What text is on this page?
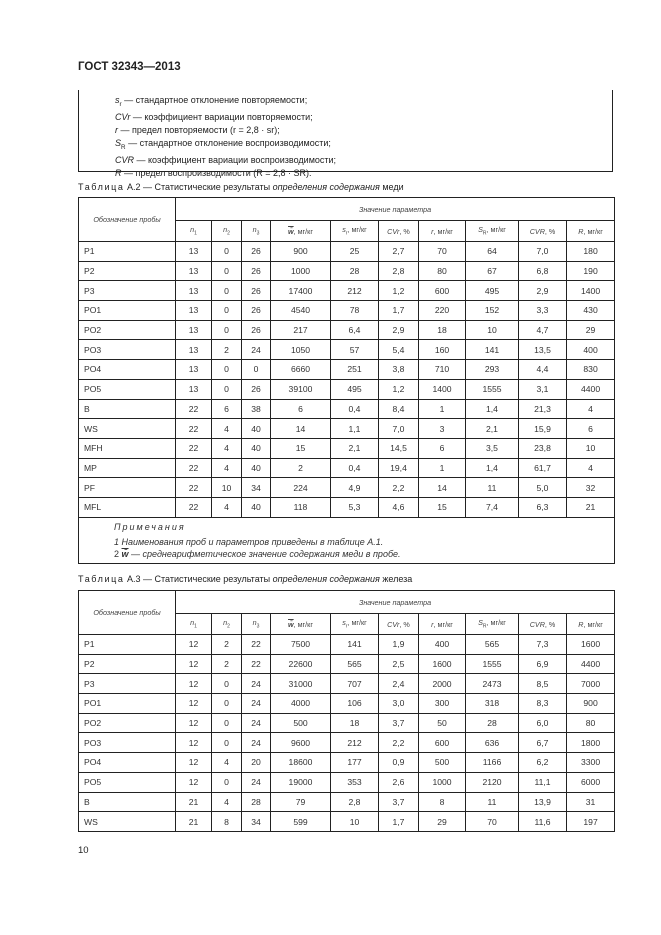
ГОСТ 32343—2013
$s_r$ — стандартное отклонение повторяемости;
CVr — коэффициент вариации повторяемости;
r — предел повторяемости (r = 2,8 · sr);
$S_R$ — стандартное отклонение воспроизводимости;
CVR — коэффициент вариации воспроизводимости;
R — предел воспроизводимости (R = 2,8 · SR).
Таблица А.2 — Статистические результаты определения содержания меди
Обозначение пробы	Значение параметра									
	$n_1$	$n_2$	$n_3$	w̄, мг/кг	$s_r$, мг/кг	CVr, %	r, мг/кг	$S_R$, мг/кг	CVR, %	R, мг/кг
P1	13	0	26	900	25	2,7	70	64	7,0	180
P2	13	0	26	1000	28	2,8	80	67	6,8	190
P3	13	0	26	17400	212	1,2	600	495	2,9	1400
PO1	13	0	26	4540	78	1,7	220	152	3,3	430
PO2	13	0	26	217	6,4	2,9	18	10	4,7	29
PO3	13	2	24	1050	57	5,4	160	141	13,5	400
PO4	13	0	0	6660	251	3,8	710	293	4,4	830
PO5	13	0	26	39100	495	1,2	1400	1555	3,1	4400
B	22	6	38	6	0,4	8,4	1	1,4	21,3	4
WS	22	4	40	14	1,1	7,0	3	2,1	15,9	6
MFH	22	4	40	15	2,1	14,5	6	3,5	23,8	10
MP	22	4	40	2	0,4	19,4	1	1,4	61,7	4
PF	22	10	34	224	4,9	2,2	14	11	5,0	32
MFL	22	4	40	118	5,3	4,6	15	7,4	6,3	21

Примечания
1 Наименования проб и параметров приведены в таблице А.1.
2 w̄ — среднеарифметическое значение содержания меди в пробе.										
Таблица А.3 — Статистические результаты определения содержания железа
Обозначение пробы	Значение параметра									
	$n_1$	$n_2$	$n_3$	w̄, мг/кг	$s_r$, мг/кг	CVr, %	r, мг/кг	$S_R$, мг/кг	CVR, %	R, мг/кг
P1	12	2	22	7500	141	1,9	400	565	7,3	1600
P2	12	2	22	22600	565	2,5	1600	1555	6,9	4400
P3	12	0	24	31000	707	2,4	2000	2473	8,5	7000
PO1	12	0	24	4000	106	3,0	300	318	8,3	900
PO2	12	0	24	500	18	3,7	50	28	6,0	80
PO3	12	0	24	9600	212	2,2	600	636	6,7	1800
PO4	12	4	20	18600	177	0,9	500	1166	6,2	3300
PO5	12	0	24	19000	353	2,6	1000	2120	11,1	6000
B	21	4	28	79	2,8	3,7	8	11	13,9	31
WS	21	8	34	599	10	1,7	29	70	11,6	197
10
